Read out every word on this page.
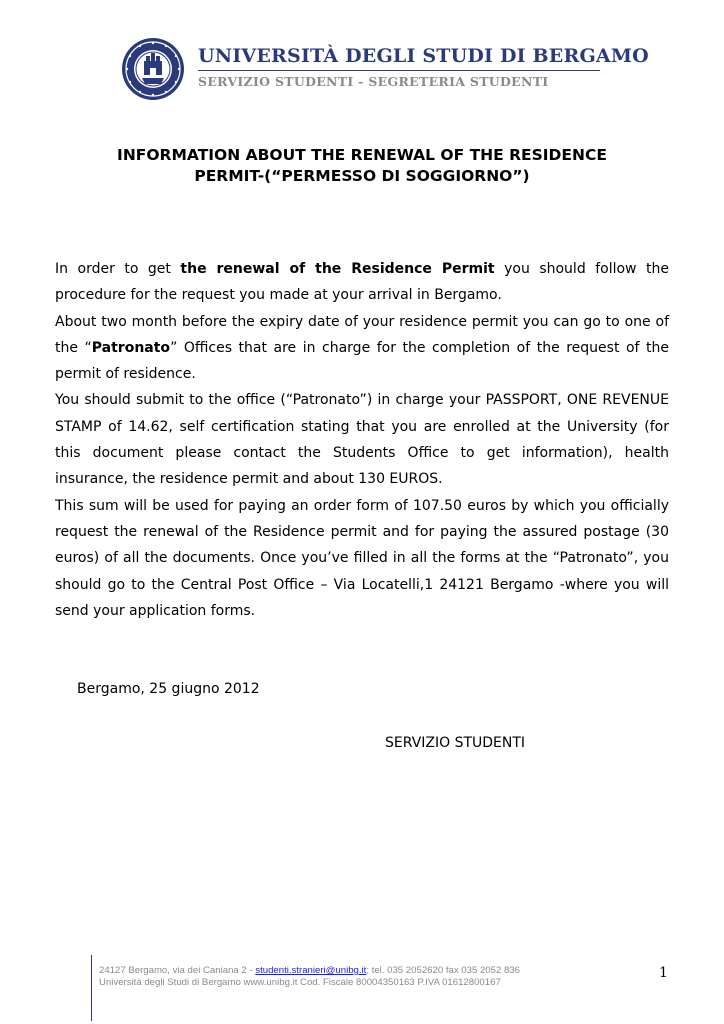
UNIVERSITÀ DEGLI STUDI DI BERGAMO
SERVIZIO STUDENTI - SEGRETERIA STUDENTI
INFORMATION ABOUT THE RENEWAL OF THE RESIDENCE
PERMIT-(“PERMESSO DI SOGGIORNO”)

In order to get the renewal of the Residence Permit you should follow the procedure for the request you made at your arrival in Bergamo.

About two month before the expiry date of your residence permit you can go to one of the “Patronato” Offices that are in charge for the completion of the request of the permit of residence.

You should submit to the office (“Patronato”) in charge your PASSPORT, ONE REVENUE STAMP of 14.62, self certification stating that you are enrolled at the University (for this document please contact the Students Office to get information), health insurance, the residence permit and about 130 EUROS.

This sum will be used for paying an order form of 107.50 euros by which you officially request the renewal of the Residence permit and for paying the assured postage (30 euros) of all the documents. Once you’ve filled in all the forms at the “Patronato”, you should go to the Central Post Office – Via Locatelli,1 24121 Bergamo -where you will send your application forms.

Bergamo, 25 giugno 2012
SERVIZIO STUDENTI
24127 Bergamo, via dei Caniana 2 - studenti.stranieri@unibg.it; tel. 035 2052620 fax 035 2052 836
Università degli Studi di Bergamo www.unibg.it Cod. Fiscale 80004350163 P.IVA 01612800167
1
